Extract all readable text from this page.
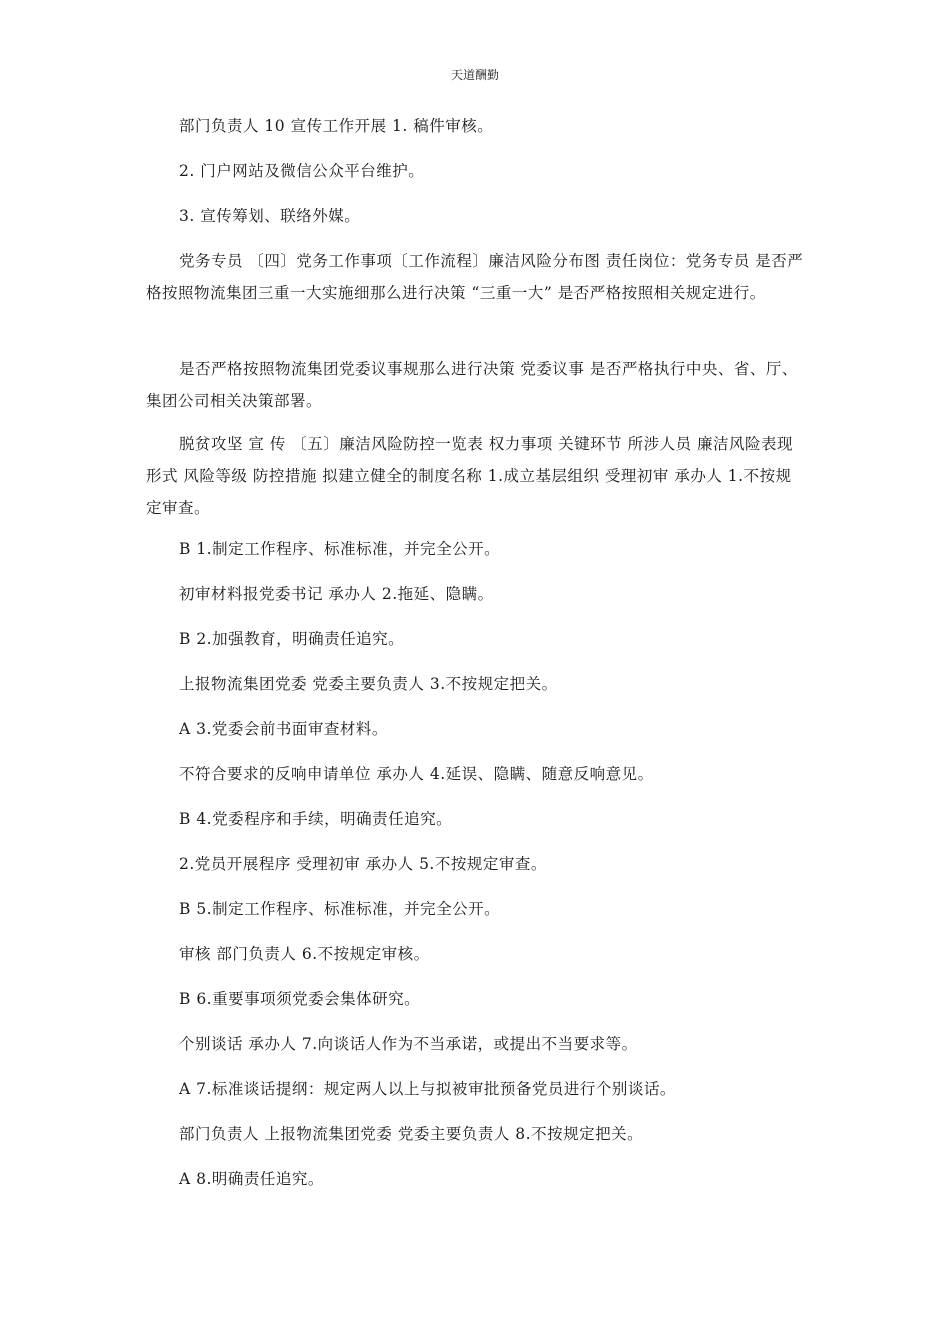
天道酬勤

部门负责人 10 宣传工作开展 1. 稿件审核。

2. 门户网站及微信公众平台维护。

3. 宣传筹划、联络外媒。

党务专员 〔四〕党务工作事项〔工作流程〕廉洁风险分布图 责任岗位：党务专员 是否严格按照物流集团三重一大实施细那么进行决策 “三重一大” 是否严格按照相关规定进行。

是否严格按照物流集团党委议事规那么进行决策 党委议事 是否严格执行中央、省、厅、集团公司相关决策部署。

脱贫攻坚 宣 传 〔五〕廉洁风险防控一览表 权力事项 关键环节 所涉人员 廉洁风险表现形式 风险等级 防控措施 拟建立健全的制度名称 1.成立基层组织 受理初审 承办人 1.不按规定审查。

B 1.制定工作程序、标准标准，并完全公开。

初审材料报党委书记 承办人 2.拖延、隐瞒。

B 2.加强教育，明确责任追究。

上报物流集团党委 党委主要负责人 3.不按规定把关。

A 3.党委会前书面审查材料。

不符合要求的反响申请单位 承办人 4.延误、隐瞒、随意反响意见。

B 4.党委程序和手续，明确责任追究。

2.党员开展程序 受理初审 承办人 5.不按规定审查。

B 5.制定工作程序、标准标准，并完全公开。

审核 部门负责人 6.不按规定审核。

B 6.重要事项须党委会集体研究。

个别谈话 承办人 7.向谈话人作为不当承诺，或提出不当要求等。

A 7.标准谈话提纲：规定两人以上与拟被审批预备党员进行个别谈话。

部门负责人 上报物流集团党委 党委主要负责人 8.不按规定把关。

A 8.明确责任追究。
